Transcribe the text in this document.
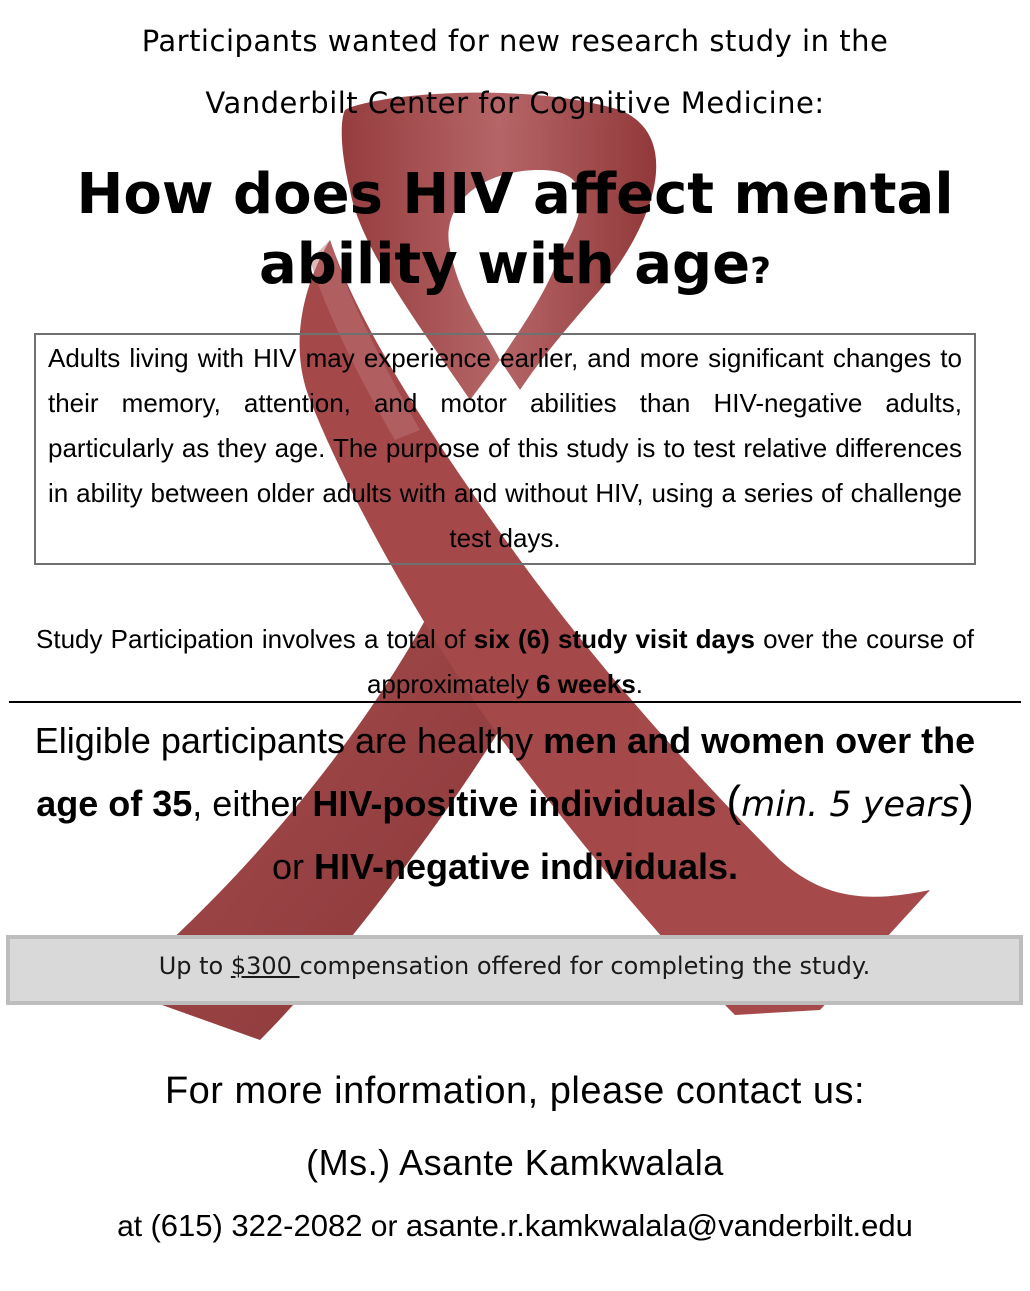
Participants wanted for new research study in the
Vanderbilt Center for Cognitive Medicine:
How does HIV affect mental
ability with age?
Adults living with HIV may experience earlier, and more significant changes to their memory, attention, and motor abilities than HIV-negative adults, particularly as they age. The purpose of this study is to test relative differences in ability between older adults with and without HIV, using a series of challenge test days.
Study Participation involves a total of six (6) study visit days over the course of approximately 6 weeks.
Eligible participants are healthy men and women over the age of 35, either HIV-positive individuals (min. 5 years) or HIV-negative individuals.
Up to $300 compensation offered for completing the study.
For more information, please contact us:
(Ms.) Asante Kamkwalala
at (615) 322-2082 or asante.r.kamkwalala@vanderbilt.edu
